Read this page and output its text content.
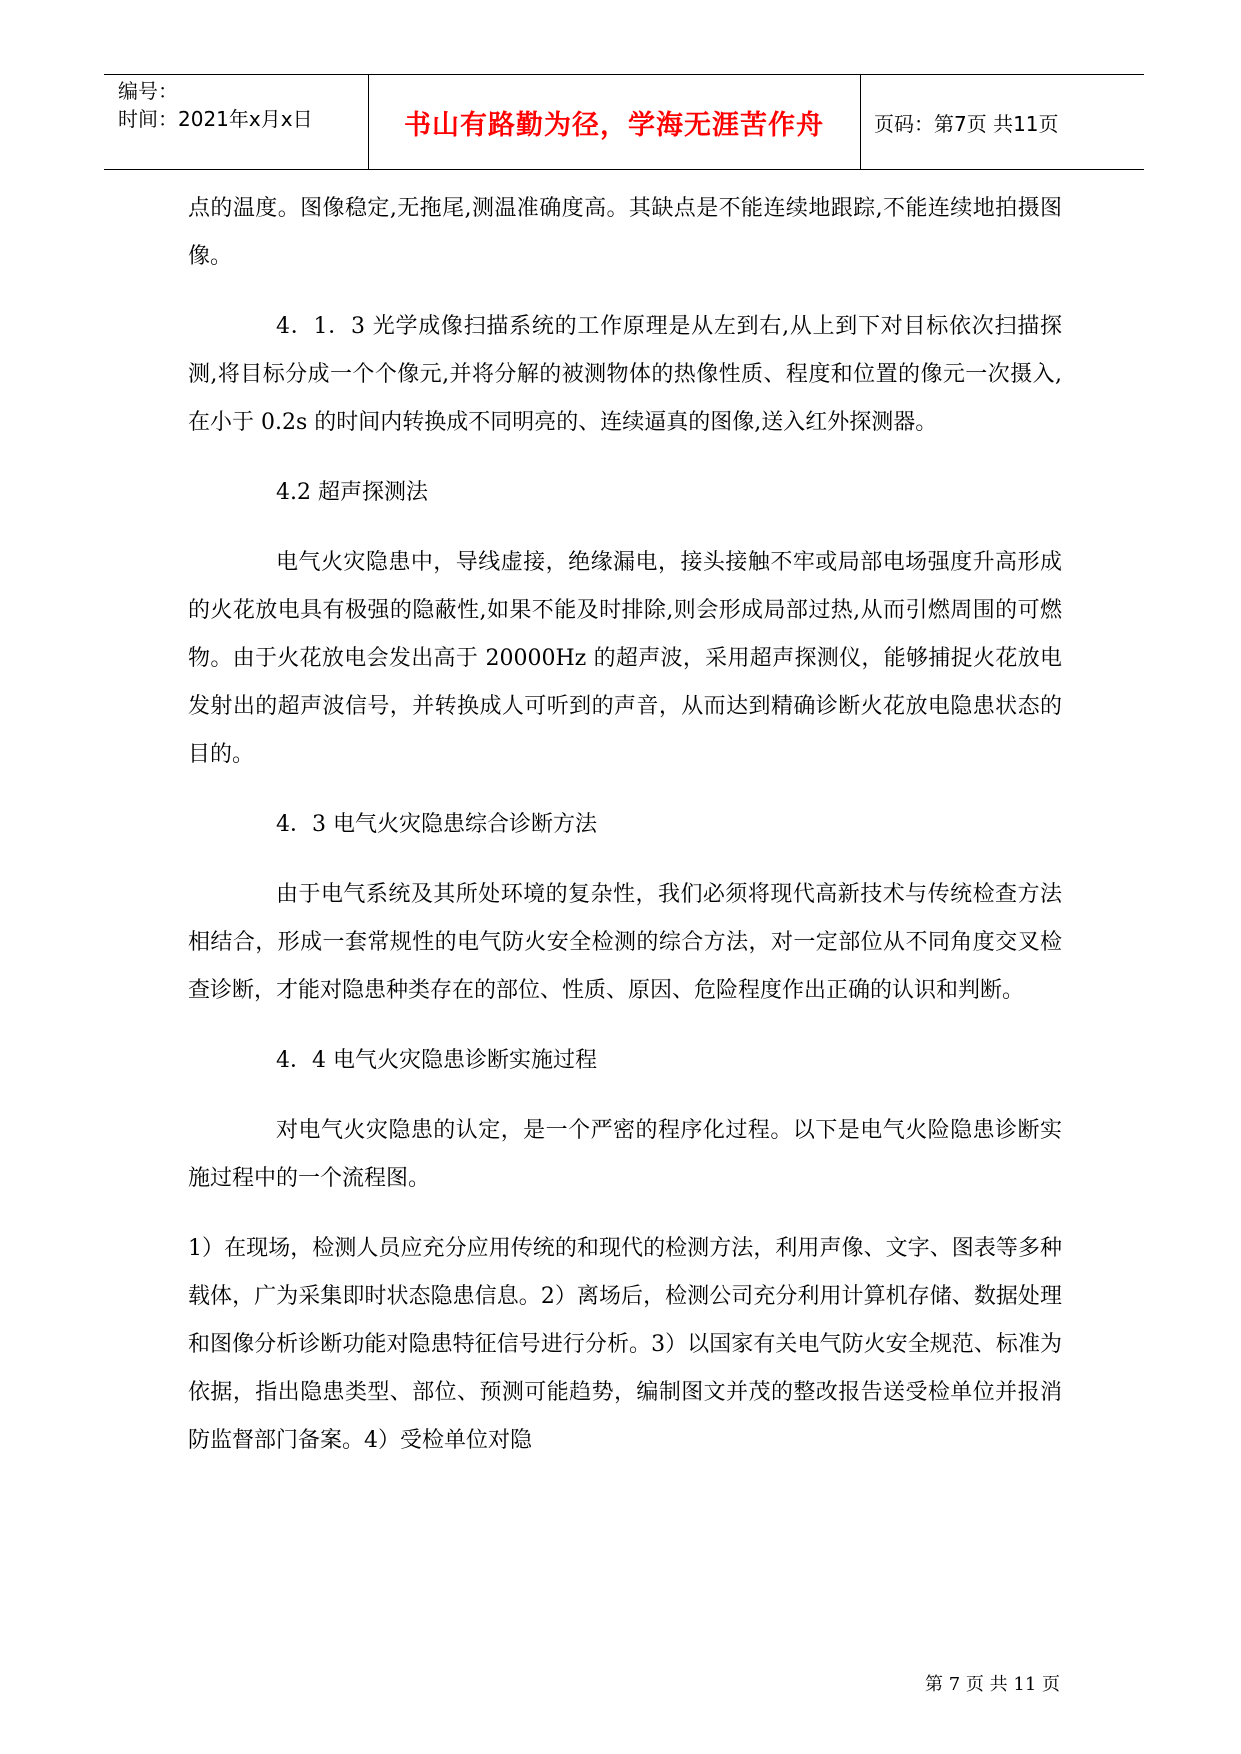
编号：
时间：2021年x月x日	书山有路勤为径，学海无涯苦作舟	页码：第7页 共11页

点的温度。图像稳定,无拖尾,测温准确度高。其缺点是不能连续地跟踪,不能连续地拍摄图像。

4．1．3 光学成像扫描系统的工作原理是从左到右,从上到下对目标依次扫描探测,将目标分成一个个像元,并将分解的被测物体的热像性质、程度和位置的像元一次摄入,在小于 0.2s 的时间内转换成不同明亮的、连续逼真的图像,送入红外探测器。

4.2 超声探测法

电气火灾隐患中，导线虚接，绝缘漏电，接头接触不牢或局部电场强度升高形成的火花放电具有极强的隐蔽性,如果不能及时排除,则会形成局部过热,从而引燃周围的可燃物。由于火花放电会发出高于 20000Hz 的超声波，采用超声探测仪，能够捕捉火花放电发射出的超声波信号，并转换成人可听到的声音，从而达到精确诊断火花放电隐患状态的目的。

4．3 电气火灾隐患综合诊断方法

由于电气系统及其所处环境的复杂性，我们必须将现代高新技术与传统检查方法相结合，形成一套常规性的电气防火安全检测的综合方法，对一定部位从不同角度交叉检查诊断，才能对隐患种类存在的部位、性质、原因、危险程度作出正确的认识和判断。

4．4 电气火灾隐患诊断实施过程

对电气火灾隐患的认定，是一个严密的程序化过程。以下是电气火险隐患诊断实施过程中的一个流程图。

1）在现场，检测人员应充分应用传统的和现代的检测方法，利用声像、文字、图表等多种载体，广为采集即时状态隐患信息。2）离场后，检测公司充分利用计算机存储、数据处理和图像分析诊断功能对隐患特征信号进行分析。3）以国家有关电气防火安全规范、标准为依据，指出隐患类型、部位、预测可能趋势，编制图文并茂的整改报告送受检单位并报消防监督部门备案。4）受检单位对隐

第 7 页 共 11 页
